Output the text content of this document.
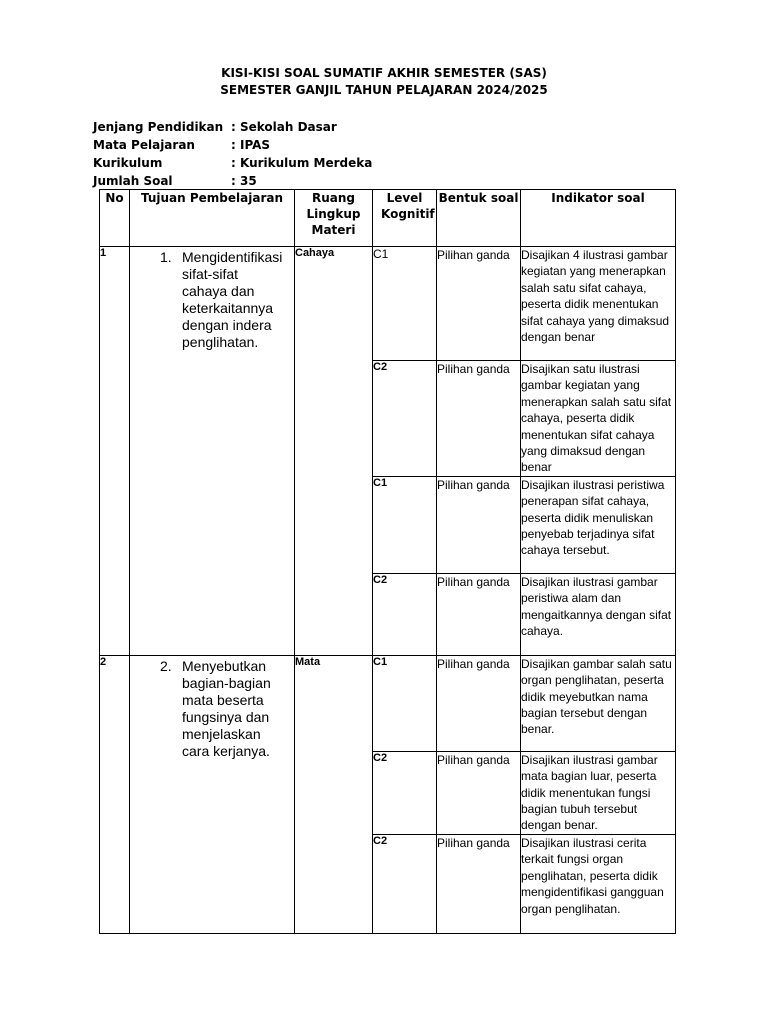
KISI-KISI SOAL SUMATIF AKHIR SEMESTER (SAS)
SEMESTER GANJIL TAHUN PELAJARAN 2024/2025
Jenjang Pendidikan : Sekolah Dasar
Mata Pelajaran	: IPAS
Kurikulum	: Kurikulum Merdeka
Jumlah Soal	: 35
No	Tujuan Pembelajaran	Ruang Lingkup Materi	Level Kognitif	Bentuk soal	Indikator soal
1	1. Mengidentifikasi sifat-sifat cahaya dan keterkaitannya dengan indera penglihatan.	Cahaya	C1	Pilihan ganda	Disajikan 4 ilustrasi gambar kegiatan yang menerapkan salah satu sifat cahaya, peserta didik menentukan sifat cahaya yang dimaksud dengan benar
			C2	Pilihan ganda	Disajikan satu ilustrasi gambar kegiatan yang menerapkan salah satu sifat cahaya, peserta didik menentukan sifat cahaya yang dimaksud dengan benar
			C1	Pilihan ganda	Disajikan ilustrasi peristiwa penerapan sifat cahaya, peserta didik menuliskan penyebab terjadinya sifat cahaya tersebut.
			C2	Pilihan ganda	Disajikan ilustrasi gambar peristiwa alam dan mengaitkannya dengan sifat cahaya.
2	2. Menyebutkan bagian-bagian mata beserta fungsinya dan menjelaskan cara kerjanya.	Mata	C1	Pilihan ganda	Disajikan gambar salah satu organ penglihatan, peserta didik meyebutkan nama bagian tersebut dengan benar.
			C2	Pilihan ganda	Disajikan ilustrasi gambar mata bagian luar, peserta didik menentukan fungsi bagian tubuh tersebut dengan benar.
			C2	Pilihan ganda	Disajikan ilustrasi cerita terkait fungsi organ penglihatan, peserta didik mengidentifikasi gangguan organ penglihatan.
